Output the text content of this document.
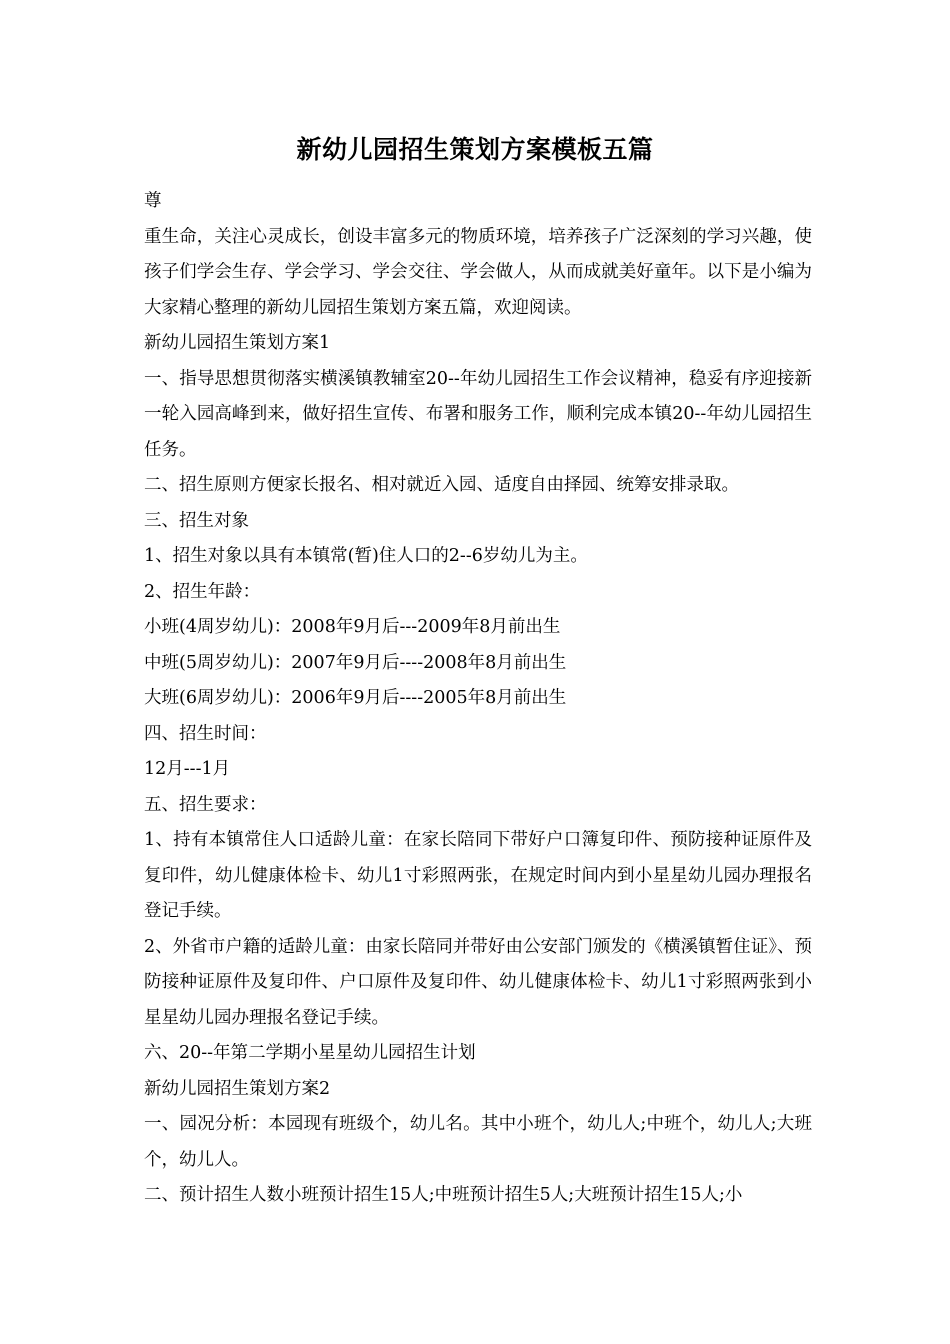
新幼儿园招生策划方案模板五篇

尊

重生命，关注心灵成长，创设丰富多元的物质环境，培养孩子广泛深刻的学习兴趣，使孩子们学会生存、学会学习、学会交往、学会做人，从而成就美好童年。以下是小编为大家精心整理的新幼儿园招生策划方案五篇，欢迎阅读。

新幼儿园招生策划方案1

一、指导思想贯彻落实横溪镇教辅室20--年幼儿园招生工作会议精神，稳妥有序迎接新一轮入园高峰到来，做好招生宣传、布署和服务工作，顺利完成本镇20--年幼儿园招生任务。

二、招生原则方便家长报名、相对就近入园、适度自由择园、统筹安排录取。

三、招生对象

1、招生对象以具有本镇常(暂)住人口的2--6岁幼儿为主。

2、招生年龄：

小班(4周岁幼儿)：2008年9月后---2009年8月前出生

中班(5周岁幼儿)：2007年9月后----2008年8月前出生

大班(6周岁幼儿)：2006年9月后----2005年8月前出生

四、招生时间：

12月---1月

五、招生要求：

1、持有本镇常住人口适龄儿童：在家长陪同下带好户口簿复印件、预防接种证原件及复印件，幼儿健康体检卡、幼儿1寸彩照两张，在规定时间内到小星星幼儿园办理报名登记手续。

2、外省市户籍的适龄儿童：由家长陪同并带好由公安部门颁发的《横溪镇暂住证》、预防接种证原件及复印件、户口原件及复印件、幼儿健康体检卡、幼儿1寸彩照两张到小星星幼儿园办理报名登记手续。

六、20--年第二学期小星星幼儿园招生计划

新幼儿园招生策划方案2

一、园况分析：本园现有班级个，幼儿名。其中小班个，幼儿人;中班个，幼儿人;大班个，幼儿人。

二、预计招生人数小班预计招生15人;中班预计招生5人;大班预计招生15人;小
